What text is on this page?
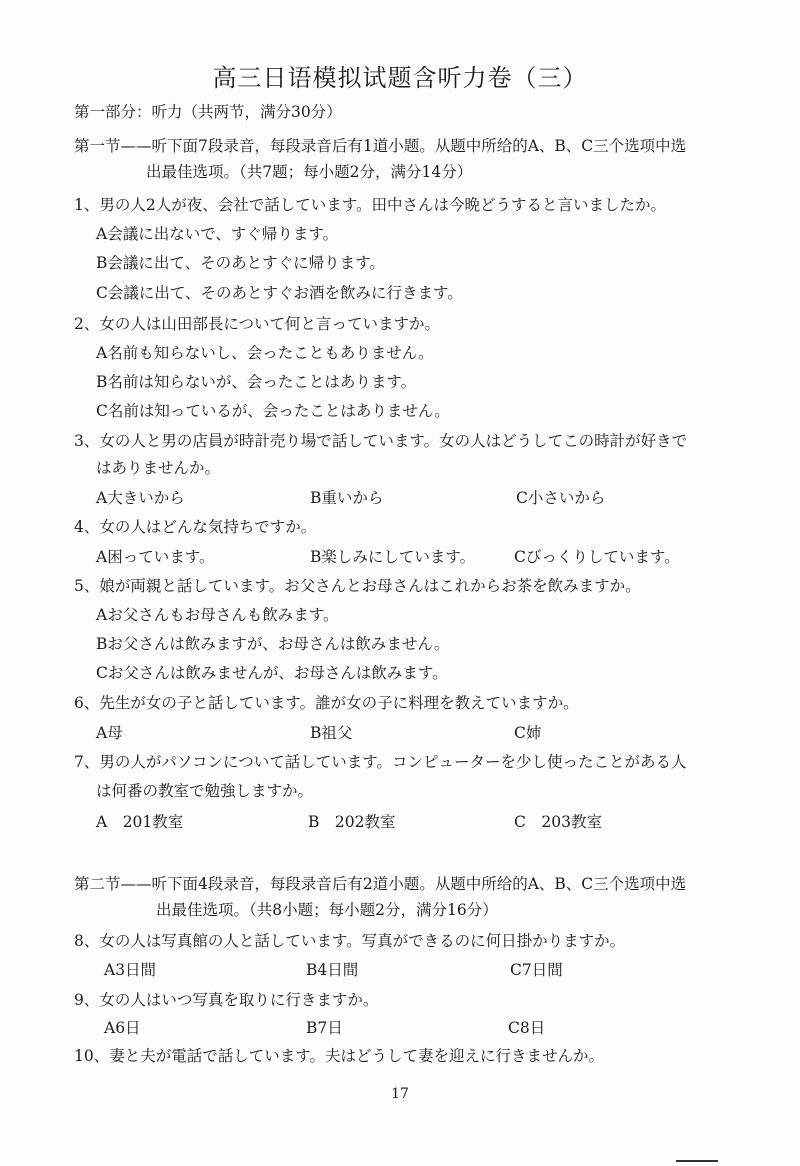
高三日语模拟试题含听力卷（三）
第一部分：听力（共两节，满分30分）
第一节——听下面7段录音，每段录音后有1道小题。从题中所给的A、B、C三个选项中选
出最佳选项。（共7题；每小题2分，满分14分）
1、男の人2人が夜、会社で話しています。田中さんは今晩どうすると言いましたか。
A会議に出ないで、すぐ帰ります。
B会議に出て、そのあとすぐに帰ります。
C会議に出て、そのあとすぐお酒を飲みに行きます。
2、女の人は山田部長について何と言っていますか。
A名前も知らないし、会ったこともありません。
B名前は知らないが、会ったことはあります。
C名前は知っているが、会ったことはありません。
3、女の人と男の店員が時計売り場で話しています。女の人はどうしてこの時計が好きで
はありませんか。
A大きいから	B重いから	C小さいから
4、女の人はどんな気持ちですか。
A困っています。	B楽しみにしています。	Cびっくりしています。
5、娘が両親と話しています。お父さんとお母さんはこれからお茶を飲みますか。
Aお父さんもお母さんも飲みます。
Bお父さんは飲みますが、お母さんは飲みません。
Cお父さんは飲みませんが、お母さんは飲みます。
6、先生が女の子と話しています。誰が女の子に料理を教えていますか。
A母	B祖父	C姉
7、男の人がパソコンについて話しています。コンピューターを少し使ったことがある人
は何番の教室で勉強しますか。
A　201教室	B　202教室	C　203教室
第二节——听下面4段录音，每段录音后有2道小题。从题中所给的A、B、C三个选项中选
出最佳选项。（共8小题；每小题2分，满分16分）
8、女の人は写真館の人と話しています。写真ができるのに何日掛かりますか。
A3日間	B4日間	C7日間
9、女の人はいつ写真を取りに行きますか。
A6日	B7日	C8日
10、妻と夫が電話で話しています。夫はどうして妻を迎えに行きませんか。
17
